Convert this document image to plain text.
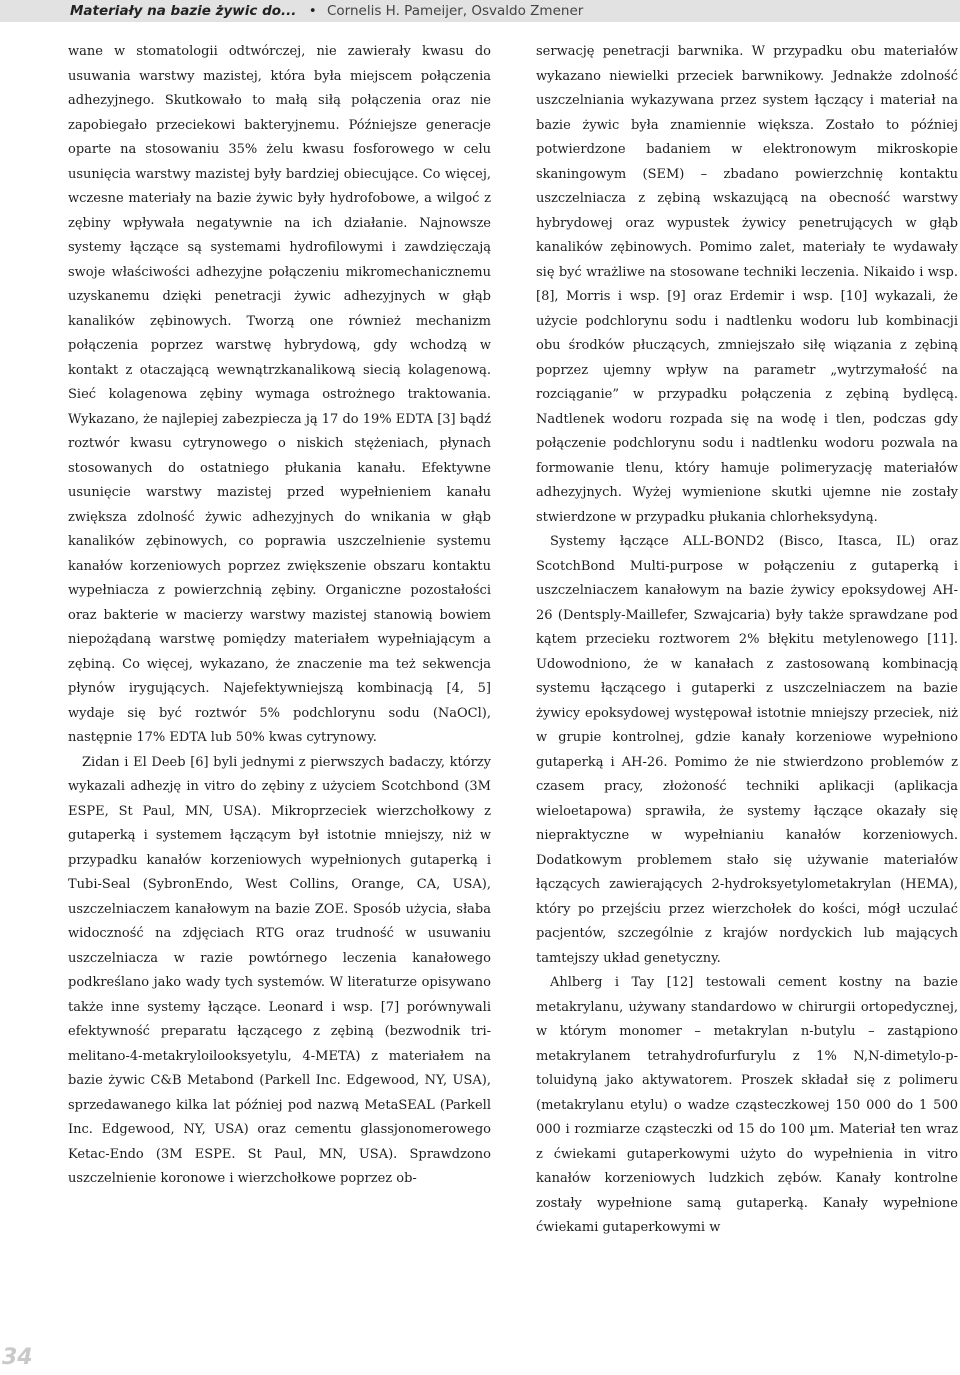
Materiały na bazie żywic do... • Cornelis H. Pameijer, Osvaldo Zmener

wane w stomatologii odtwórczej, nie zawierały kwasu do usuwania warstwy mazistej, która była miejscem połączenia adhezyjnego. Skutkowało to małą siłą połączenia oraz nie zapobiegało przeciekowi bakteryjnemu. Późniejsze generacje oparte na stosowaniu 35% żelu kwasu fosforowego w celu usunięcia warstwy mazistej były bardziej obiecujące. Co więcej, wczesne materiały na bazie żywic były hydrofobowe, a wilgoć z zębiny wpływała negatywnie na ich działanie. Najnowsze systemy łączące są systemami hydrofilowymi i zawdzięczają swoje właściwości adhezyjne połączeniu mikromechanicznemu uzyskanemu dzięki penetracji żywic adhezyjnych w głąb kanalików zębinowych. Tworzą one również mechanizm połączenia poprzez warstwę hybrydową, gdy wchodzą w kontakt z otaczającą wewnątrzkanalikową siecią kolagenową. Sieć kolagenowa zębiny wymaga ostrożnego traktowania. Wykazano, że najlepiej zabezpiecza ją 17 do 19% EDTA [3] bądź roztwór kwasu cytrynowego o niskich stężeniach, płynach stosowanych do ostatniego płukania kanału. Efektywne usunięcie warstwy mazistej przed wypełnieniem kanału zwiększa zdolność żywic adhezyjnych do wnikania w głąb kanalików zębinowych, co poprawia uszczelnienie systemu kanałów korzeniowych poprzez zwiększenie obszaru kontaktu wypełniacza z powierzchnią zębiny. Organiczne pozostałości oraz bakterie w macierzy warstwy mazistej stanowią bowiem niepożądaną warstwę pomiędzy materiałem wypełniającym a zębiną. Co więcej, wykazano, że znaczenie ma też sekwencja płynów irygujących. Najefektywniejszą kombinacją [4, 5] wydaje się być roztwór 5% podchlorynu sodu (NaOCl), następnie 17% EDTA lub 50% kwas cytrynowy.

Zidan i El Deeb [6] byli jednymi z pierwszych badaczy, którzy wykazali adhezję in vitro do zębiny z użyciem Scotchbond (3M ESPE, St Paul, MN, USA). Mikroprzeciek wierzchołkowy z gutaperką i systemem łączącym był istotnie mniejszy, niż w przypadku kanałów korzeniowych wypełnionych gutaperką i Tubi-Seal (SybronEndo, West Collins, Orange, CA, USA), uszczelniaczem kanałowym na bazie ZOE. Sposób użycia, słaba widoczność na zdjęciach RTG oraz trudność w usuwaniu uszczelniacza w razie powtórnego leczenia kanałowego podkreślano jako wady tych systemów. W literaturze opisywano także inne systemy łączące. Leonard i wsp. [7] porównywali efektywność preparatu łączącego z zębiną (bezwodnik tri-melitano-4-metakryloilooksyetylu, 4-META) z materiałem na bazie żywic C&B Metabond (Parkell Inc. Edgewood, NY, USA), sprzedawanego kilka lat później pod nazwą MetaSEAL (Parkell Inc. Edgewood, NY, USA) oraz cementu glassjonomerowego Ketac-Endo (3M ESPE. St Paul, MN, USA). Sprawdzono uszczelnienie koronowe i wierzchołkowe poprzez ob-

serwację penetracji barwnika. W przypadku obu materiałów wykazano niewielki przeciek barwnikowy. Jednakże zdolność uszczelniania wykazywana przez system łączący i materiał na bazie żywic była znamiennie większa. Zostało to później potwierdzone badaniem w elektronowym mikroskopie skaningowym (SEM) – zbadano powierzchnię kontaktu uszczelniacza z zębiną wskazującą na obecność warstwy hybrydowej oraz wypustek żywicy penetrujących w głąb kanalików zębinowych. Pomimo zalet, materiały te wydawały się być wrażliwe na stosowane techniki leczenia. Nikaido i wsp. [8], Morris i wsp. [9] oraz Erdemir i wsp. [10] wykazali, że użycie podchlorynu sodu i nadtlenku wodoru lub kombinacji obu środków płuczących, zmniejszało siłę wiązania z zębiną poprzez ujemny wpływ na parametr „wytrzymałość na rozciąganie” w przypadku połączenia z zębiną bydlęcą. Nadtlenek wodoru rozpada się na wodę i tlen, podczas gdy połączenie podchlorynu sodu i nadtlenku wodoru pozwala na formowanie tlenu, który hamuje polimeryzację materiałów adhezyjnych. Wyżej wymienione skutki ujemne nie zostały stwierdzone w przypadku płukania chlorheksydyną.

Systemy łączące ALL-BOND2 (Bisco, Itasca, IL) oraz ScotchBond Multi-purpose w połączeniu z gutaperką i uszczelniaczem kanałowym na bazie żywicy epoksydowej AH-26 (Dentsply-Maillefer, Szwajcaria) były także sprawdzane pod kątem przecieku roztworem 2% błękitu metylenowego [11]. Udowodniono, że w kanałach z zastosowaną kombinacją systemu łączącego i gutaperki z uszczelniaczem na bazie żywicy epoksydowej występował istotnie mniejszy przeciek, niż w grupie kontrolnej, gdzie kanały korzeniowe wypełniono gutaperką i AH-26. Pomimo że nie stwierdzono problemów z czasem pracy, złożoność techniki aplikacji (aplikacja wieloetapowa) sprawiła, że systemy łączące okazały się niepraktyczne w wypełnianiu kanałów korzeniowych. Dodatkowym problemem stało się używanie materiałów łączących zawierających 2-hydroksyetylometakrylan (HEMA), który po przejściu przez wierzchołek do kości, mógł uczulać pacjentów, szczególnie z krajów nordyckich lub mających tamtejszy układ genetyczny.

Ahlberg i Tay [12] testowali cement kostny na bazie metakrylanu, używany standardowo w chirurgii ortopedycznej, w którym monomer – metakrylan n-butylu – zastąpiono metakrylanem tetrahydrofurfurylu z 1% N,N-dimetylo-p-toluidyną jako aktywatorem. Proszek składał się z polimeru (metakrylanu etylu) o wadze cząsteczkowej 150 000 do 1 500 000 i rozmiarze cząsteczki od 15 do 100 µm. Materiał ten wraz z ćwiekami gutaperkowymi użyto do wypełnienia in vitro kanałów korzeniowych ludzkich zębów. Kanały kontrolne zostały wypełnione samą gutaperką. Kanały wypełnione ćwiekami gutaperkowymi w

34
